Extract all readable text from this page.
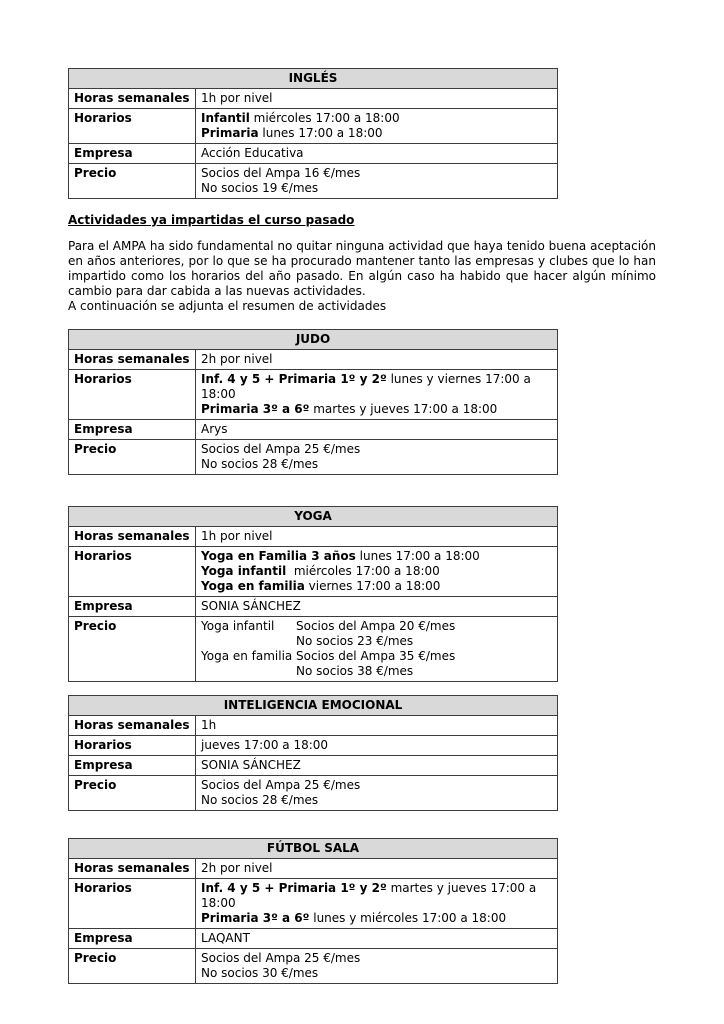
INGLÉS	
Horas semanales	1h por nivel
Horarios	Infantil miércoles 17:00 a 18:00
Primaria lunes 17:00 a 18:00

Empresa	Acción Educativa
Precio	Socios del Ampa 16 €/mes
No socios 19 €/mes
Actividades ya impartidas el curso pasado

Para el AMPA ha sido fundamental no quitar ninguna actividad que haya tenido buena aceptación en años anteriores, por lo que se ha procurado mantener tanto las empresas y clubes que lo han impartido como los horarios del año pasado. En algún caso ha habido que hacer algún mínimo cambio para dar cabida a las nuevas actividades.

A continuación se adjunta el resumen de actividades

JUDO	
Horas semanales	2h por nivel
Horarios	Inf. 4 y 5 + Primaria 1º y 2º lunes y viernes 17:00 a 18:00
Primaria 3º a 6º martes y jueves 17:00 a 18:00

Empresa	Arys
Precio	Socios del Ampa 25 €/mes
No socios 28 €/mes
YOGA	
Horas semanales	1h por nivel
Horarios	Yoga en Familia 3 años lunes 17:00 a 18:00
Yoga infantil  miércoles 17:00 a 18:00
Yoga en familia viernes 17:00 a 18:00

Empresa	SONIA SÁNCHEZ
Precio	Yoga infantil	Socios del Ampa 20 €/mes
No socios 23 €/mes
Yoga en familia Socios del Ampa 35 €/mes
No socios 38 €/mes
INTELIGENCIA EMOCIONAL	
Horas semanales	1h
Horarios	jueves 17:00 a 18:00

Empresa	SONIA SÁNCHEZ
Precio	Socios del Ampa 25 €/mes
No socios 28 €/mes
FÚTBOL SALA	
Horas semanales	2h por nivel
Horarios	Inf. 4 y 5 + Primaria 1º y 2º martes y jueves 17:00 a 18:00
Primaria 3º a 6º lunes y miércoles 17:00 a 18:00

Empresa	LAQANT
Precio	Socios del Ampa 25 €/mes
No socios 30 €/mes
